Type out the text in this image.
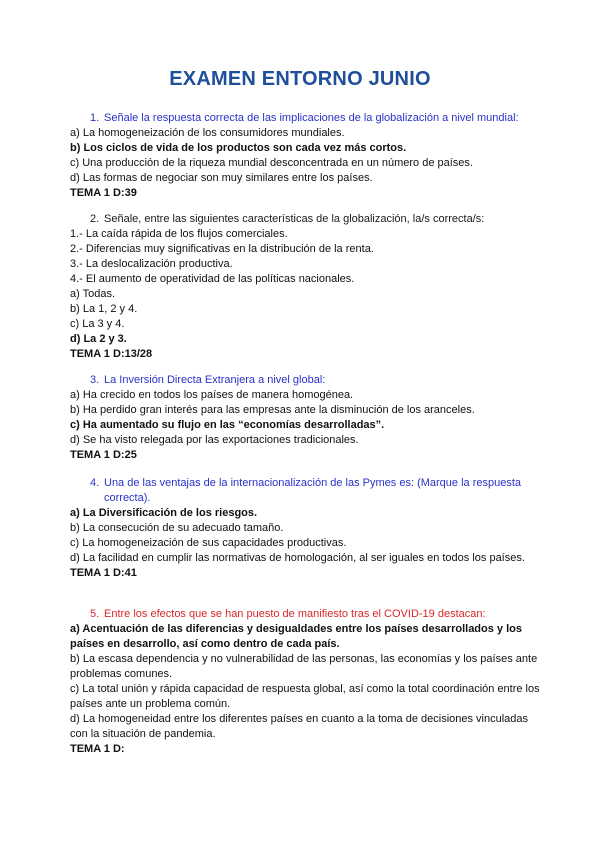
EXAMEN ENTORNO JUNIO
1. Señale la respuesta correcta de las implicaciones de la globalización a nivel mundial:

a) La homogeneización de los consumidores mundiales.

b) Los ciclos de vida de los productos son cada vez más cortos.

c) Una producción de la riqueza mundial desconcentrada en un número de países.

d) Las formas de negociar son muy similares entre los países.

TEMA 1 D:39

2. Señale, entre las siguientes características de la globalización, la/s correcta/s:

1.- La caída rápida de los flujos comerciales.

2.- Diferencias muy significativas en la distribución de la renta.

3.- La deslocalización productiva.

4.- El aumento de operatividad de las políticas nacionales.

a) Todas.

b) La 1, 2 y 4.

c) La 3 y 4.

d) La 2 y 3.

TEMA 1 D:13/28

3. La Inversión Directa Extranjera a nivel global:

a) Ha crecido en todos los países de manera homogénea.

b) Ha perdido gran interés para las empresas ante la disminución de los aranceles.

c) Ha aumentado su flujo en las “economías desarrolladas”.

d) Se ha visto relegada por las exportaciones tradicionales.

TEMA 1 D:25

4. Una de las ventajas de la internacionalización de las Pymes es: (Marque la respuesta correcta).

a) La Diversificación de los riesgos.

b) La consecución de su adecuado tamaño.

c) La homogeneización de sus capacidades productivas.

d) La facilidad en cumplir las normativas de homologación, al ser iguales en todos los países.

TEMA 1 D:41

5. Entre los efectos que se han puesto de manifiesto tras el COVID-19 destacan:

a) Acentuación de las diferencias y desigualdades entre los países desarrollados y los países en desarrollo, así como dentro de cada país.

b) La escasa dependencia y no vulnerabilidad de las personas, las economías y los países ante problemas comunes.

c) La total unión y rápida capacidad de respuesta global, así como la total coordinación entre los países ante un problema común.

d) La homogeneidad entre los diferentes países en cuanto a la toma de decisiones vinculadas con la situación de pandemia.

TEMA 1 D:
